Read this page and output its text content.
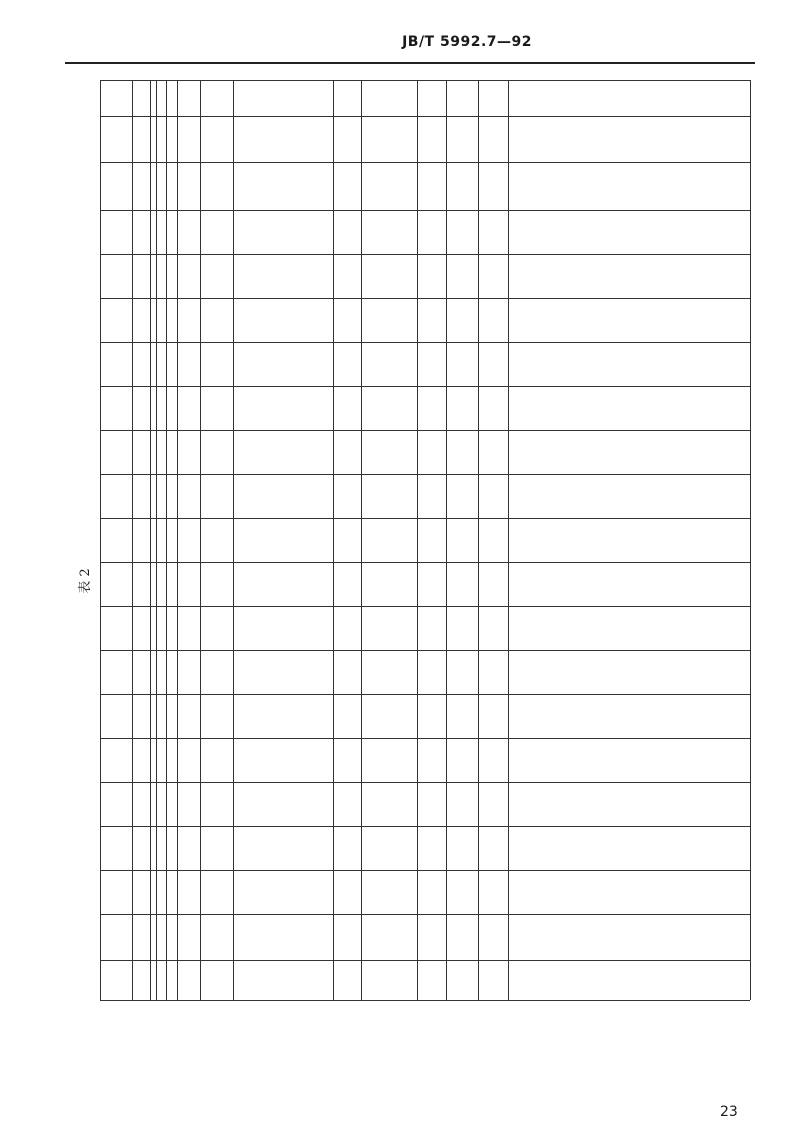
JB/T 5992.7—92
表 2
23
